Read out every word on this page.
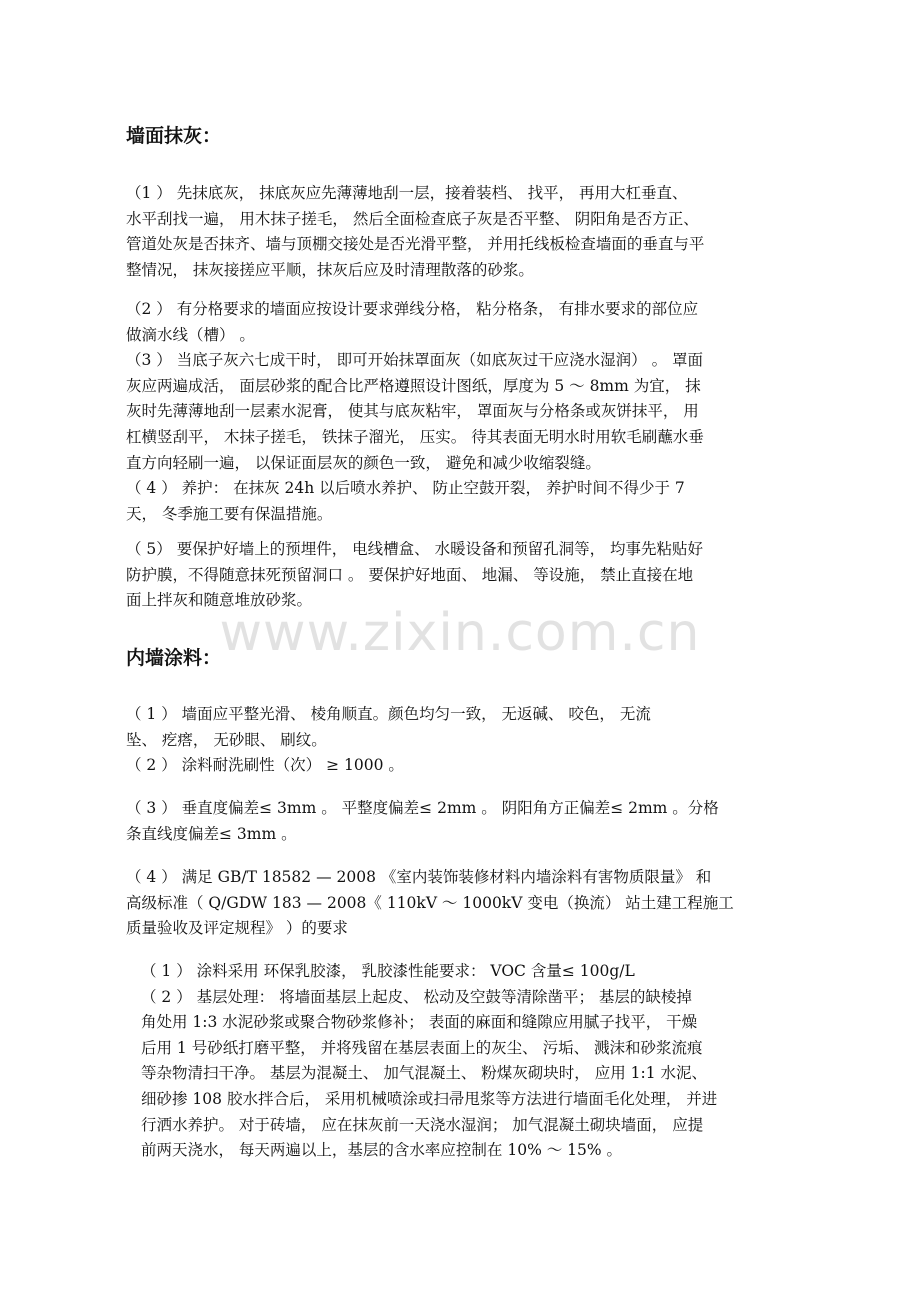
墙面抹灰：
（1 ） 先抹底灰， 抹底灰应先薄薄地刮一层，接着装档、 找平， 再用大杠垂直、
水平刮找一遍， 用木抹子搓毛， 然后全面检查底子灰是否平整、 阴阳角是否方正、
管道处灰是否抹齐、墙与顶棚交接处是否光滑平整， 并用托线板检查墙面的垂直与平
整情况， 抹灰接搓应平顺，抹灰后应及时清理散落的砂浆。
（2 ） 有分格要求的墙面应按设计要求弹线分格， 粘分格条， 有排水要求的部位应
做滴水线（槽） 。
（3 ） 当底子灰六七成干时， 即可开始抹罩面灰（如底灰过干应浇水湿润） 。 罩面
灰应两遍成活， 面层砂浆的配合比严格遵照设计图纸，厚度为 5 ～ 8mm 为宜， 抹
灰时先薄薄地刮一层素水泥膏， 使其与底灰粘牢， 罩面灰与分格条或灰饼抹平， 用
杠横竖刮平， 木抹子搓毛， 铁抹子溜光， 压实。 待其表面无明水时用软毛刷蘸水垂
直方向轻刷一遍， 以保证面层灰的颜色一致， 避免和减少收缩裂缝。
（ 4 ） 养护： 在抹灰 24h 以后喷水养护、 防止空鼓开裂， 养护时间不得少于 7
天， 冬季施工要有保温措施。
（ 5） 要保护好墙上的预埋件， 电线槽盒、 水暖设备和预留孔洞等， 均事先粘贴好
防护膜，不得随意抹死预留洞口 。 要保护好地面、 地漏、 等设施， 禁止直接在地
面上拌灰和随意堆放砂浆。
内墙涂料：
（ 1 ） 墙面应平整光滑、 棱角顺直。颜色均匀一致， 无返碱、 咬色， 无流
坠、 疙瘩， 无砂眼、 刷纹。
（ 2 ） 涂料耐洗刷性（次） ≥ 1000 。
（ 3 ） 垂直度偏差≤ 3mm 。 平整度偏差≤ 2mm 。 阴阳角方正偏差≤ 2mm 。分格
条直线度偏差≤ 3mm 。
（ 4 ） 满足 GB/T 18582 — 2008 《室内装饰装修材料内墙涂料有害物质限量》 和
高级标准（ Q/GDW 183 — 2008《 110kV ～ 1000kV 变电（换流） 站土建工程施工
质量验收及评定规程》 ）的要求
（ 1 ） 涂料采用 环保乳胶漆， 乳胶漆性能要求： VOC 含量≤ 100g/L
（ 2 ） 基层处理： 将墙面基层上起皮、 松动及空鼓等清除凿平； 基层的缺棱掉
角处用 1:3 水泥砂浆或聚合物砂浆修补； 表面的麻面和缝隙应用腻子找平， 干燥
后用 1 号砂纸打磨平整， 并将残留在基层表面上的灰尘、 污垢、 溅沫和砂浆流痕
等杂物清扫干净。 基层为混凝土、 加气混凝土、 粉煤灰砌块时， 应用 1:1 水泥、
细砂掺 108 胶水拌合后， 采用机械喷涂或扫帚甩浆等方法进行墙面毛化处理， 并进
行洒水养护。 对于砖墙， 应在抹灰前一天浇水湿润； 加气混凝土砌块墙面， 应提
前两天浇水， 每天两遍以上，基层的含水率应控制在 10% ～ 15% 。
www.zixin.com.cn
